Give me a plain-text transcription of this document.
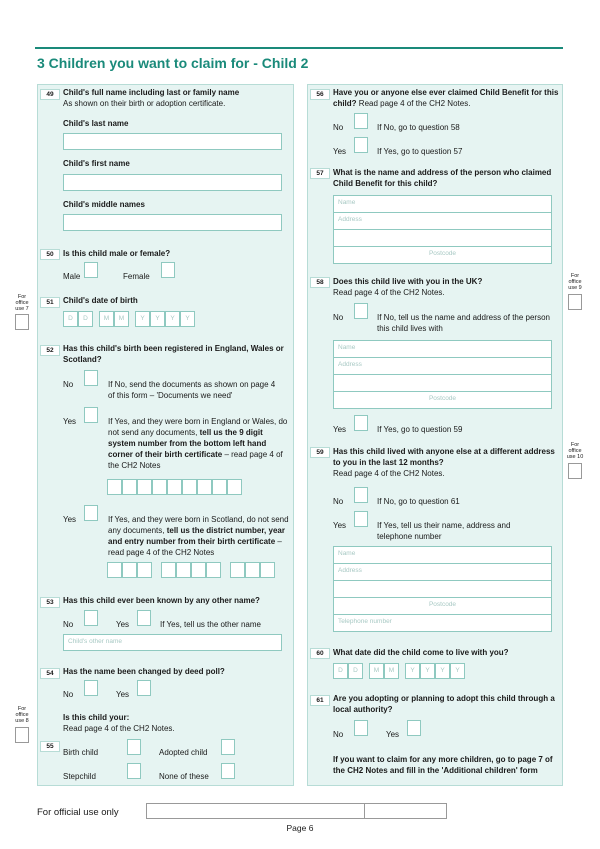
3 Children you want to claim for - Child 2
49	Child's full name including last or family name
As shown on their birth or adoption certificate.
Child's last name
Child's first name
Child's middle names
50	Is this child male or female?
Male	Female
51	Child's date of birth
D	D	M	M	Y	Y	Y	Y
52	Has this child's birth been registered in England, Wales or Scotland?
No	If No, send the documents as shown on page 4 of this form – 'Documents we need'
Yes	If Yes, and they were born in England or Wales, do not send any documents, tell us the 9 digit system number from the bottom left hand corner of their birth certificate – read page 4 of the CH2 Notes
Yes	If Yes, and they were born in Scotland, do not send any documents, tell us the district number, year and entry number from their birth certificate – read page 4 of the CH2 Notes
53	Has this child ever been known by any other name?
No	Yes	If Yes, tell us the other name
Child's other name
54	Has the name been changed by deed poll?
No	Yes
55
Is this child your:
Read page 4 of the CH2 Notes.
Birth child	Adopted child
Stepchild	None of these
56	Have you or anyone else ever claimed Child Benefit for this child? Read page 4 of the CH2 Notes.
No	If No, go to question 58
Yes	If Yes, go to question 57
57	What is the name and address of the person who claimed Child Benefit for this child?
Name
Address
Postcode
58	Does this child live with you in the UK?
Read page 4 of the CH2 Notes.
No	If No, tell us the name and address of the person this child lives with
Name
Address
Postcode
Yes	If Yes, go to question 59
59	Has this child lived with anyone else at a different address to you in the last 12 months?
Read page 4 of the CH2 Notes.
No	If No, go to question 61
Yes	If Yes, tell us their name, address and telephone number
Name
Address
Postcode
Telephone number
60	What date did the child come to live with you?
D	D	M	M	Y	Y	Y	Y
61	Are you adopting or planning to adopt this child through a local authority?
No	Yes
If you want to claim for any more children, go to page 7 of the CH2 Notes and fill in the 'Additional children' form
For
office
use 7
For
office
use 8
For
office
use 9
For
office
use 10
For official use only
Page 6
